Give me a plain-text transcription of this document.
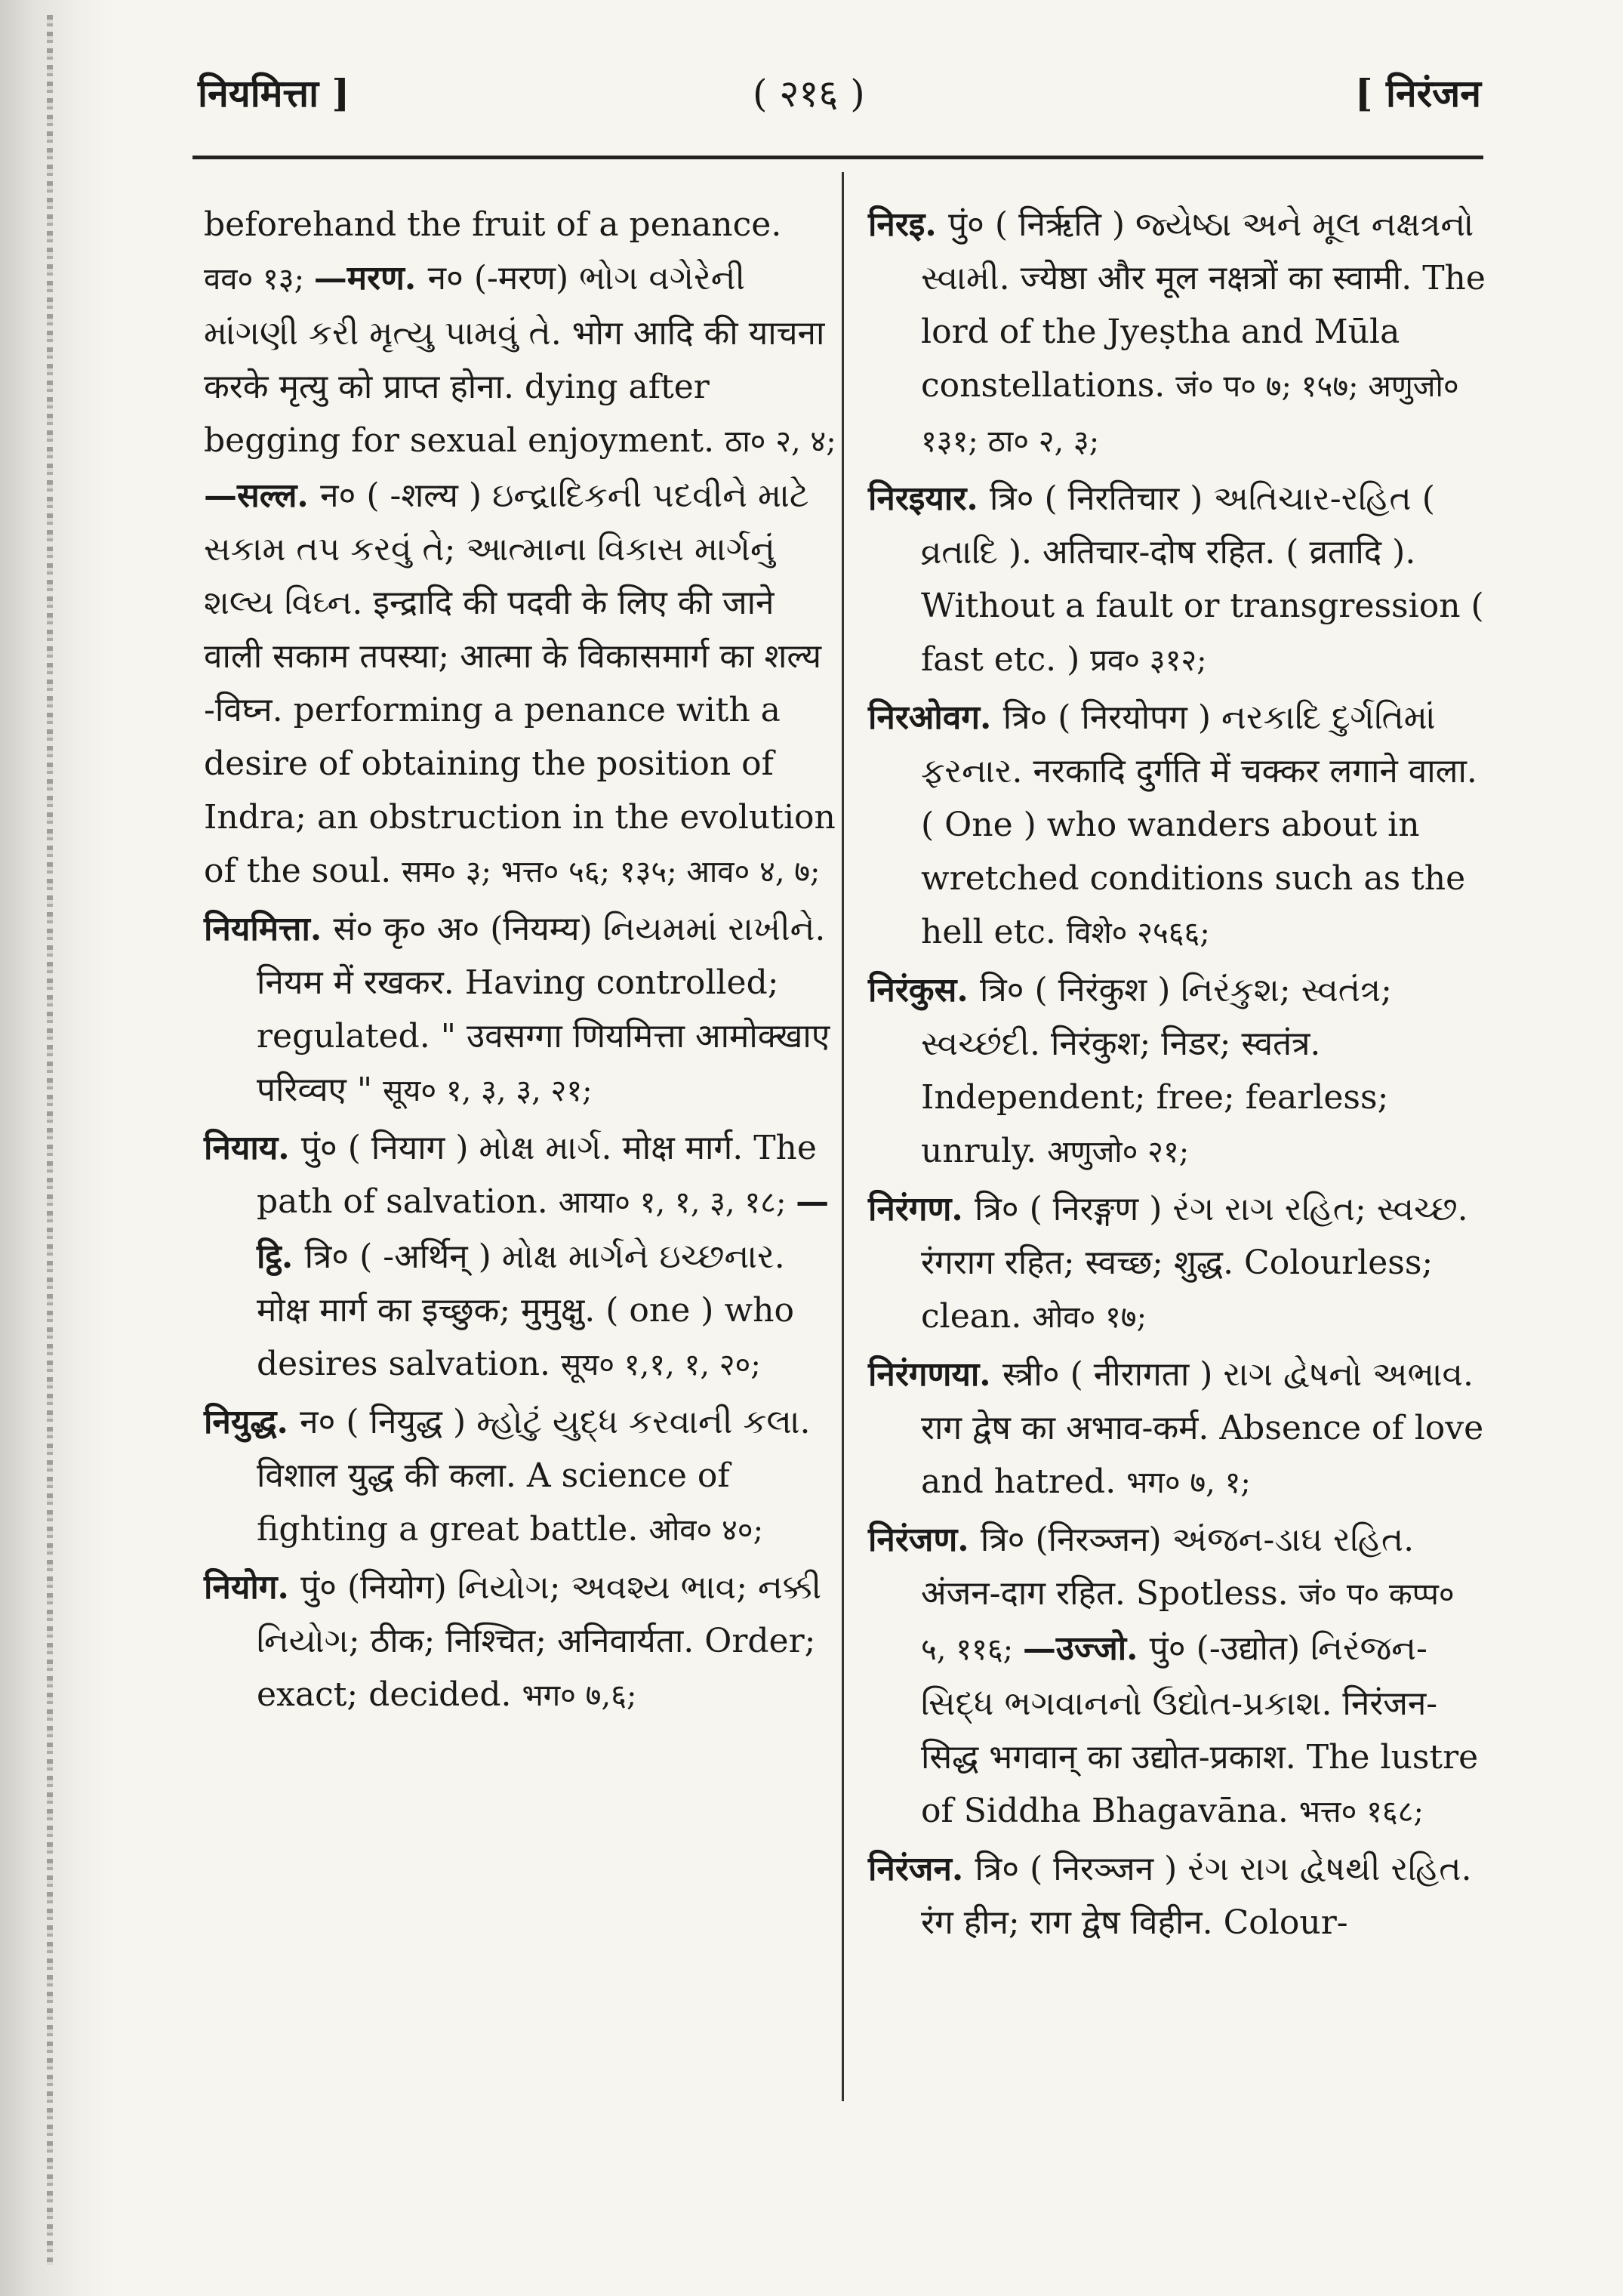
नियमित्ता ]	( २१६ )	[ निरंजन

beforehand the fruit of a penance. वव० १३; —मरण. न० (-मरण) ભોગ વગેરેની માંગણી કરી મૃત્યુ પામવું તે. भोग आदि की याचना करके मृत्यु को प्राप्त होना. dying after begging for sexual enjoyment. ठा० २, ४; —सल्ल. न० ( -शल्य ) ઇન્દ્રાદિકની પદવીને માટે સકામ તપ કરવું તે; આત્માના વિકાસ માર્ગનું શલ્ય વિઘ્ન. इन्द्रादि की पदवी के लिए की जाने वाली सकाम तपस्या; आत्मा के विकासमार्ग का शल्य -विघ्न. performing a penance with a desire of obtaining the position of Indra; an obstruction in the evolution of the soul. सम० ३; भत्त० ५६; १३५; आव० ४, ७;

नियमित्ता. सं० कृ० अ० (नियम्य) નિયમમાં રાખીને. नियम में रखकर. Having controlled; regulated. " उवसग्गा णियमित्ता आमोक्खाए परिव्वए " सूय० १, ३, ३, २१;

नियाय. पुं० ( नियाग ) મોક્ષ માર્ગ. मोक्ष मार्ग. The path of salvation. आया० १, १, ३, १८; —ट्ठि. त्रि० ( -अर्थिन् ) મોક્ષ માર્ગને ઇચ્છનાર. मोक्ष मार्ग का इच्छुक; मुमुक्षु. ( one ) who desires salvation. सूय० १,१, १, २०;

नियुद्ध. न० ( नियुद्ध ) મ્હોટું યુદ્ધ કરવાની કલા. विशाल युद्ध की कला. A science of fighting a great battle. ओव० ४०;

नियोग. पुं० (नियोग) નિયોગ; અવશ્ય ભાવ; નક્કી નિયોગ; ठीक; निश्चित; अनिवार्यता. Order; exact; decided. भग० ७,६;

निरइ. पुं० ( निर्ऋति ) જ્યેષ્ઠા અને મૂલ નક્ષત્રનો સ્વામી. ज्येष्ठा और मूल नक्षत्रों का स्वामी. The lord of the Jyeṣtha and Mūla constellations. जं० प० ७; १५७; अणुजो० १३१; ठा० २, ३;

निरइयार. त्रि० ( निरतिचार ) અતિચાર-રહિત ( વ્રતાદિ ). अतिचार-दोष रहित. ( व्रतादि ). Without a fault or transgression ( fast etc. ) प्रव० ३१२;

निरओवग. त्रि० ( निरयोपग ) નરકાદિ દુર્ગતિમાં ફરનાર. नरकादि दुर्गति में चक्कर लगाने वाला. ( One ) who wanders about in wretched conditions such as the hell etc. विशे० २५६६;

निरंकुस. त्रि० ( निरंकुश ) નિરંકુશ; સ્વતંત્ર; સ્વચ્છંદી. निरंकुश; निडर; स्वतंत्र. Independent; free; fearless; unruly. अणुजो० २१;

निरंगण. त्रि० ( निरङ्गण ) રંગ રાગ રહિત; સ્વચ્છ. रंगराग रहित; स्वच्छ; शुद्ध. Colourless; clean. ओव० १७;

निरंगणया. स्त्री० ( नीरागता ) રાગ દ્વેષનો અભાવ. राग द्वेष का अभाव-कर्म. Absence of love and hatred. भग० ७, १;

निरंजण. त्रि० (निरञ्जन) અંજન-ડાઘ રહિત. अंजन-दाग रहित. Spotless. जं० प० कप्प० ५, ११६; —उज्जो. पुं० (-उद्योत) નિરંજન-સિદ્ધ ભગવાનનો ઉદ્યોત-પ્રકાશ. निरंजन-सिद्ध भगवान् का उद्योत-प्रकाश. The lustre of Siddha Bhagavāna. भत्त० १६८;

निरंजन. त्रि० ( निरञ्जन ) રંગ રાગ દ્વેષથી રહિત. रंग हीन; राग द्वेष विहीन. Colour-
